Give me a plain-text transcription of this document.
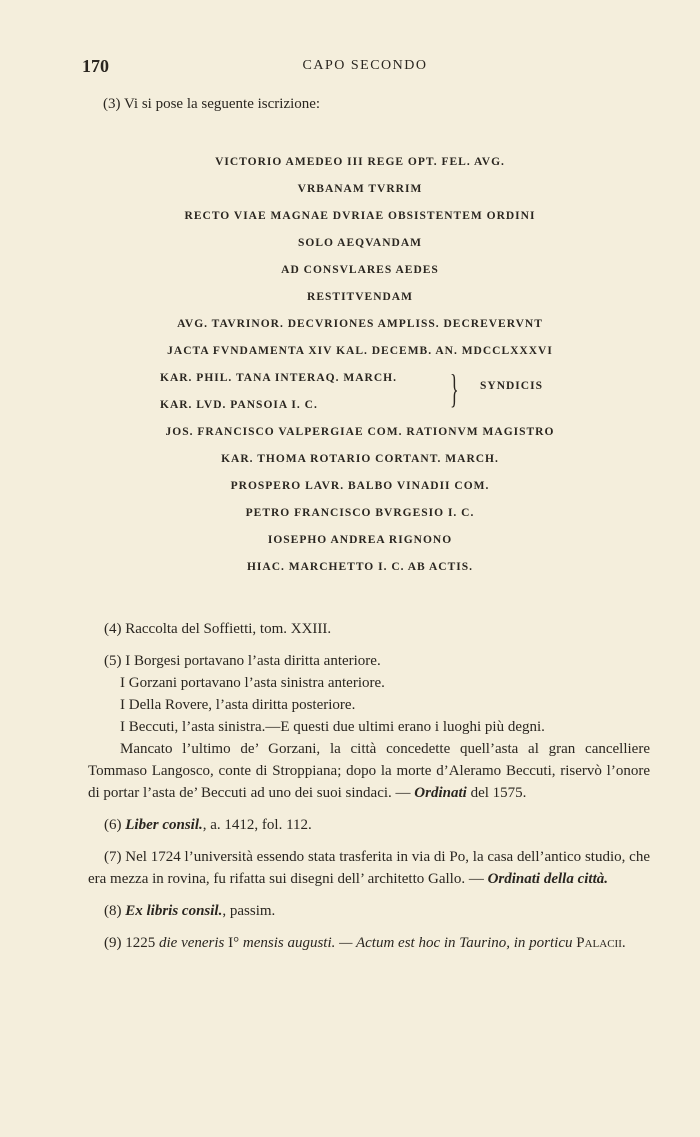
170	CAPO SECONDO
(3) Vi si pose la seguente iscrizione:
VICTORIO AMEDEO III REGE OPT. FEL. AVG.
VRBANAM TVRRIM
RECTO VIAE MAGNAE DVRIAE OBSISTENTEM ORDINI
SOLO AEQVANDAM
AD CONSVLARES AEDES
RESTITVENDAM
AVG. TAVRINOR. DECVRIONES AMPLISS. DECREVERVNT
JACTA FVNDAMENTA XIV KAL. DECEMB. AN. MDCCLXXXVI
KAR. PHIL. TANA INTERAQ. MARCH.
KAR. LVD. PANSOIA I. C.	} SYNDICIS
JOS. FRANCISCO VALPERGIAE COM. RATIONVM MAGISTRO
KAR. THOMA ROTARIO CORTANT. MARCH.
PROSPERO LAVR. BALBO VINADII COM.
PETRO FRANCISCO BVRGESIO I. C.
IOSEPHO ANDREA RIGNONO
HIAC. MARCHETTO I. C. AB ACTIS.

(4) Raccolta del Soffietti, tom. XXIII.

(5) I Borgesi portavano l’asta diritta anteriore.

I Gorzani portavano l’asta sinistra anteriore.

I Della Rovere, l’asta diritta posteriore.

I Beccuti, l’asta sinistra.—E questi due ultimi erano i luoghi più degni.

Mancato l’ultimo de’ Gorzani, la città concedette quell’asta al gran cancelliere Tommaso Langosco, conte di Stroppiana; dopo la morte d’Aleramo Beccuti, riservò l’onore di portar l’asta de’ Beccuti ad uno dei suoi sindaci. — Ordinati del 1575.

(6) Liber consil., a. 1412, fol. 112.

(7) Nel 1724 l’università essendo stata trasferita in via di Po, la casa dell’antico studio, che era mezza in rovina, fu rifatta sui disegni dell’ architetto Gallo. — Ordinati della città.

(8) Ex libris consil., passim.

(9) 1225 die veneris I° mensis augusti. — Actum est hoc in Taurino, in porticu Palacii.
